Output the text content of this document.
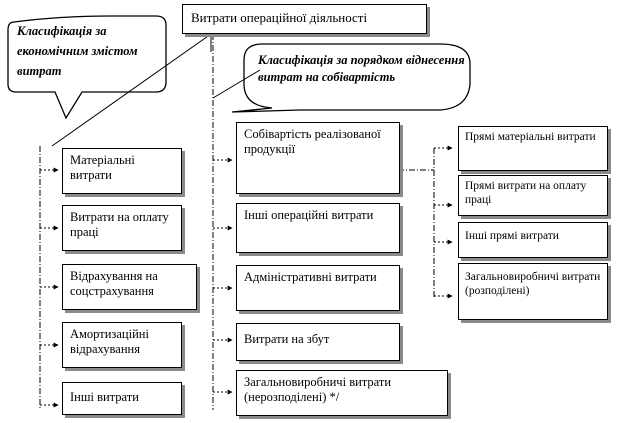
Класифікація за економічним змістом витрат
Класифікація за порядком віднесення витрат на собівартість
Витрати операційної діяльності
Матеріальні витрати
Витрати на оплату праці
Відрахування на соцстрахування
Амортизаційні відрахування
Інші витрати
Собівартість реалізованої продукції
Інші операційні витрати
Адміністративні витрати
Витрати на збут
Загальновиробничі витрати (нерозподілені) */
Прямі матеріальні витрати
Прямі витрати на оплату праці
Інші прямі витрати
Загальновиробничі витрати (розподілені)
